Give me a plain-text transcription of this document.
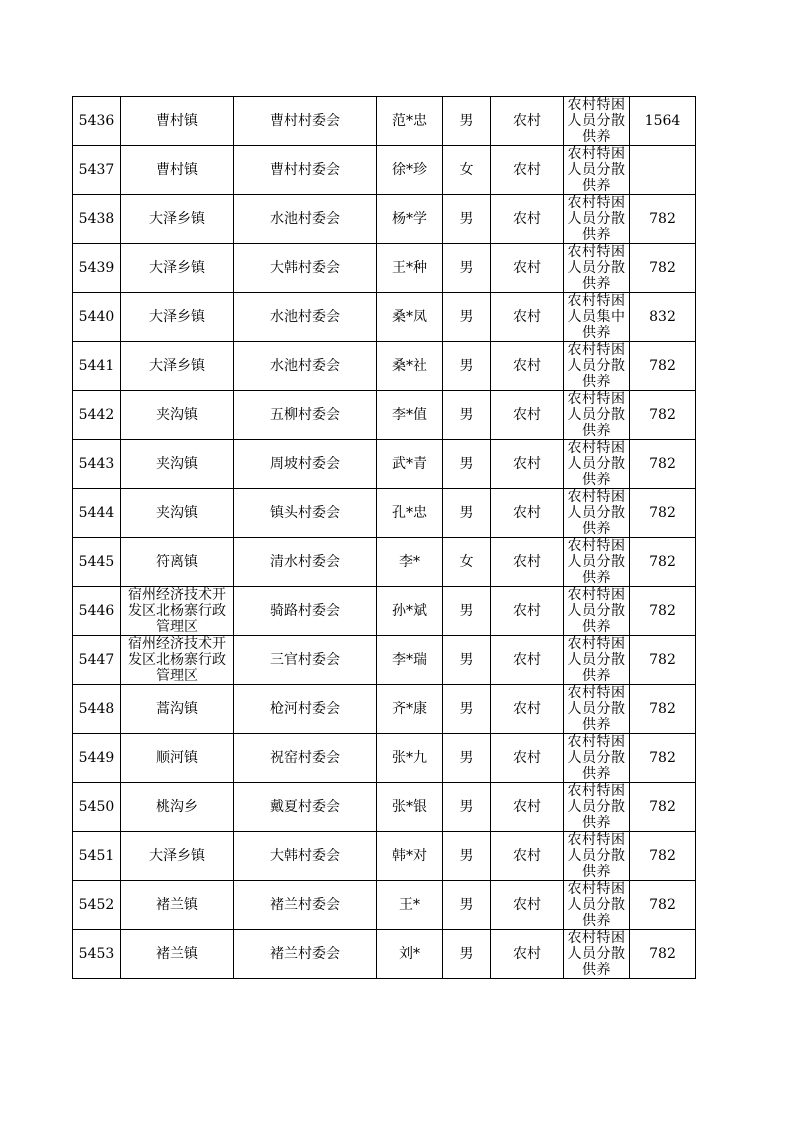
5436	曹村镇	曹村村委会	范*忠	男	农村	农村特困人员分散供养	1564

5437	曹村镇	曹村村委会	徐*珍	女	农村	农村特困人员分散供养	

5438	大泽乡镇	水池村委会	杨*学	男	农村	农村特困人员分散供养	782

5439	大泽乡镇	大韩村委会	王*种	男	农村	农村特困人员分散供养	782

5440	大泽乡镇	水池村委会	桑*凤	男	农村	农村特困人员集中供养	832

5441	大泽乡镇	水池村委会	桑*社	男	农村	农村特困人员分散供养	782

5442	夹沟镇	五柳村委会	李*值	男	农村	农村特困人员分散供养	782

5443	夹沟镇	周坡村委会	武*青	男	农村	农村特困人员分散供养	782

5444	夹沟镇	镇头村委会	孔*忠	男	农村	农村特困人员分散供养	782

5445	符离镇	清水村委会	李*	女	农村	农村特困人员分散供养	782

5446	宿州经济技术开发区北杨寨行政管理区	骑路村委会	孙*斌	男	农村	农村特困人员分散供养	782

5447	宿州经济技术开发区北杨寨行政管理区	三官村委会	李*瑞	男	农村	农村特困人员分散供养	782

5448	蒿沟镇	枪河村委会	齐*康	男	农村	农村特困人员分散供养	782

5449	顺河镇	祝窑村委会	张*九	男	农村	农村特困人员分散供养	782

5450	桃沟乡	戴夏村委会	张*银	男	农村	农村特困人员分散供养	782

5451	大泽乡镇	大韩村委会	韩*对	男	农村	农村特困人员分散供养	782

5452	褚兰镇	褚兰村委会	王*	男	农村	农村特困人员分散供养	782

5453	褚兰镇	褚兰村委会	刘*	男	农村	农村特困人员分散供养	782
